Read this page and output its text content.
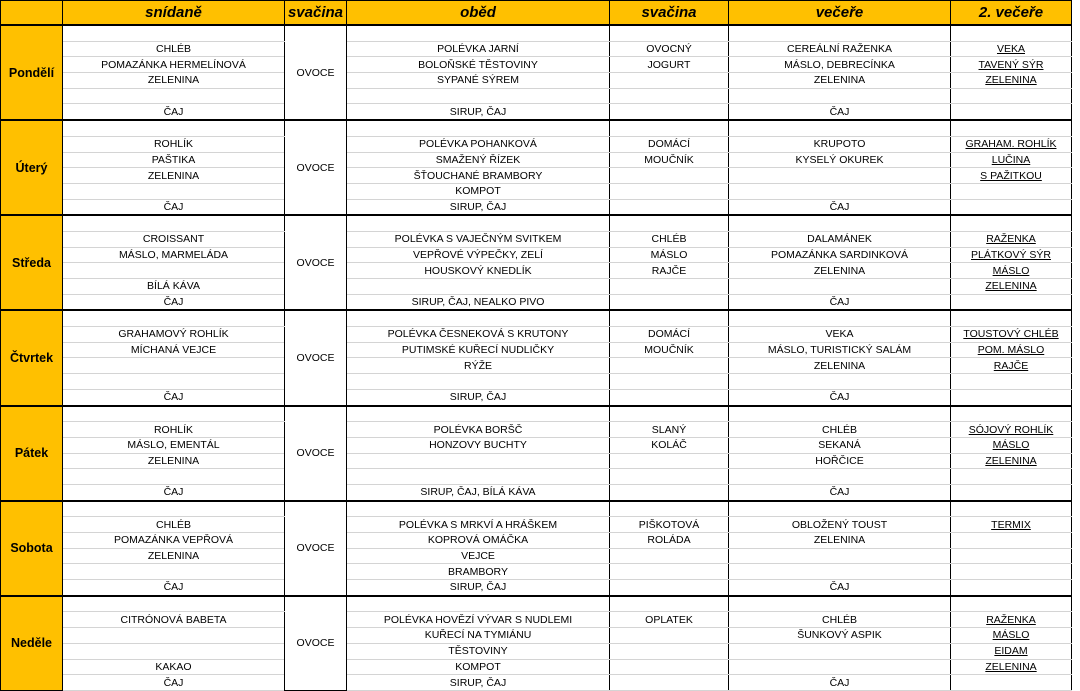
	snídaně	svačina	oběd	svačina	večeře	2. večeře
Pondělí		OVOCE				
	CHLÉB		POLÉVKA JARNÍ	OVOCNÝ	CEREÁLNÍ RAŽENKA	VEKA
	POMAZÁNKA HERMELÍNOVÁ		BOLOŇSKÉ TĚSTOVINY	JOGURT	MÁSLO, DEBRECÍNKA	TAVENÝ SÝR
	ZELENINA		SYPANÉ SÝREM		ZELENINA	ZELENINA

	ČAJ		SIRUP, ČAJ		ČAJ	
Úterý		OVOCE				
	ROHLÍK		POLÉVKA POHANKOVÁ	DOMÁCÍ	KRUPOTO	GRAHAM. ROHLÍK
	PAŠTIKA		SMAŽENÝ ŘÍZEK	MOUČNÍK	KYSELÝ OKUREK	LUČINA
	ZELENINA		ŠŤOUCHANÉ BRAMBORY			S PAŽITKOU
			KOMPOT			
	ČAJ		SIRUP, ČAJ		ČAJ	
Středa		OVOCE				
	CROISSANT		POLÉVKA S VAJEČNÝM SVITKEM	CHLÉB	DALAMÁNEK	RAŽENKA
	MÁSLO, MARMELÁDA		VEPŘOVÉ VÝPEČKY, ZELÍ	MÁSLO	POMAZÁNKA SARDINKOVÁ	PLÁTKOVÝ SÝR
			HOUSKOVÝ KNEDLÍK	RAJČE	ZELENINA	MÁSLO
	BÍLÁ KÁVA					ZELENINA
	ČAJ		SIRUP, ČAJ, NEALKO PIVO		ČAJ	
Čtvrtek		OVOCE				
	GRAHAMOVÝ ROHLÍK		POLÉVKA ČESNEKOVÁ S KRUTONY	DOMÁCÍ	VEKA	TOUSTOVÝ CHLÉB
	MÍCHANÁ VEJCE		PUTIMSKÉ KUŘECÍ NUDLIČKY	MOUČNÍK	MÁSLO, TURISTICKÝ SALÁM	POM. MÁSLO
			RÝŽE		ZELENINA	RAJČE

	ČAJ		SIRUP, ČAJ		ČAJ	
Pátek		OVOCE				
	ROHLÍK		POLÉVKA BORŠČ	SLANÝ	CHLÉB	SÓJOVÝ ROHLÍK
	MÁSLO, EMENTÁL		HONZOVY BUCHTY	KOLÁČ	SEKANÁ	MÁSLO
	ZELENINA				HOŘČICE	ZELENINA

	ČAJ		SIRUP, ČAJ, BÍLÁ KÁVA		ČAJ	
Sobota		OVOCE				
	CHLÉB		POLÉVKA S MRKVÍ A HRÁŠKEM	PIŠKOTOVÁ	OBLOŽENÝ TOUST	TERMIX
	POMAZÁNKA VEPŘOVÁ		KOPROVÁ OMÁČKA	ROLÁDA	ZELENINA	
	ZELENINA		VEJCE			
			BRAMBORY			
	ČAJ		SIRUP, ČAJ		ČAJ	
Neděle		OVOCE				
	CITRÓNOVÁ BABETA		POLÉVKA HOVĚZÍ VÝVAR S NUDLEMI	OPLATEK	CHLÉB	RAŽENKA
			KUŘECÍ NA TYMIÁNU		ŠUNKOVÝ ASPIK	MÁSLO
			TĚSTOVINY			EIDAM
	KAKAO		KOMPOT			ZELENINA
	ČAJ		SIRUP, ČAJ		ČAJ	
